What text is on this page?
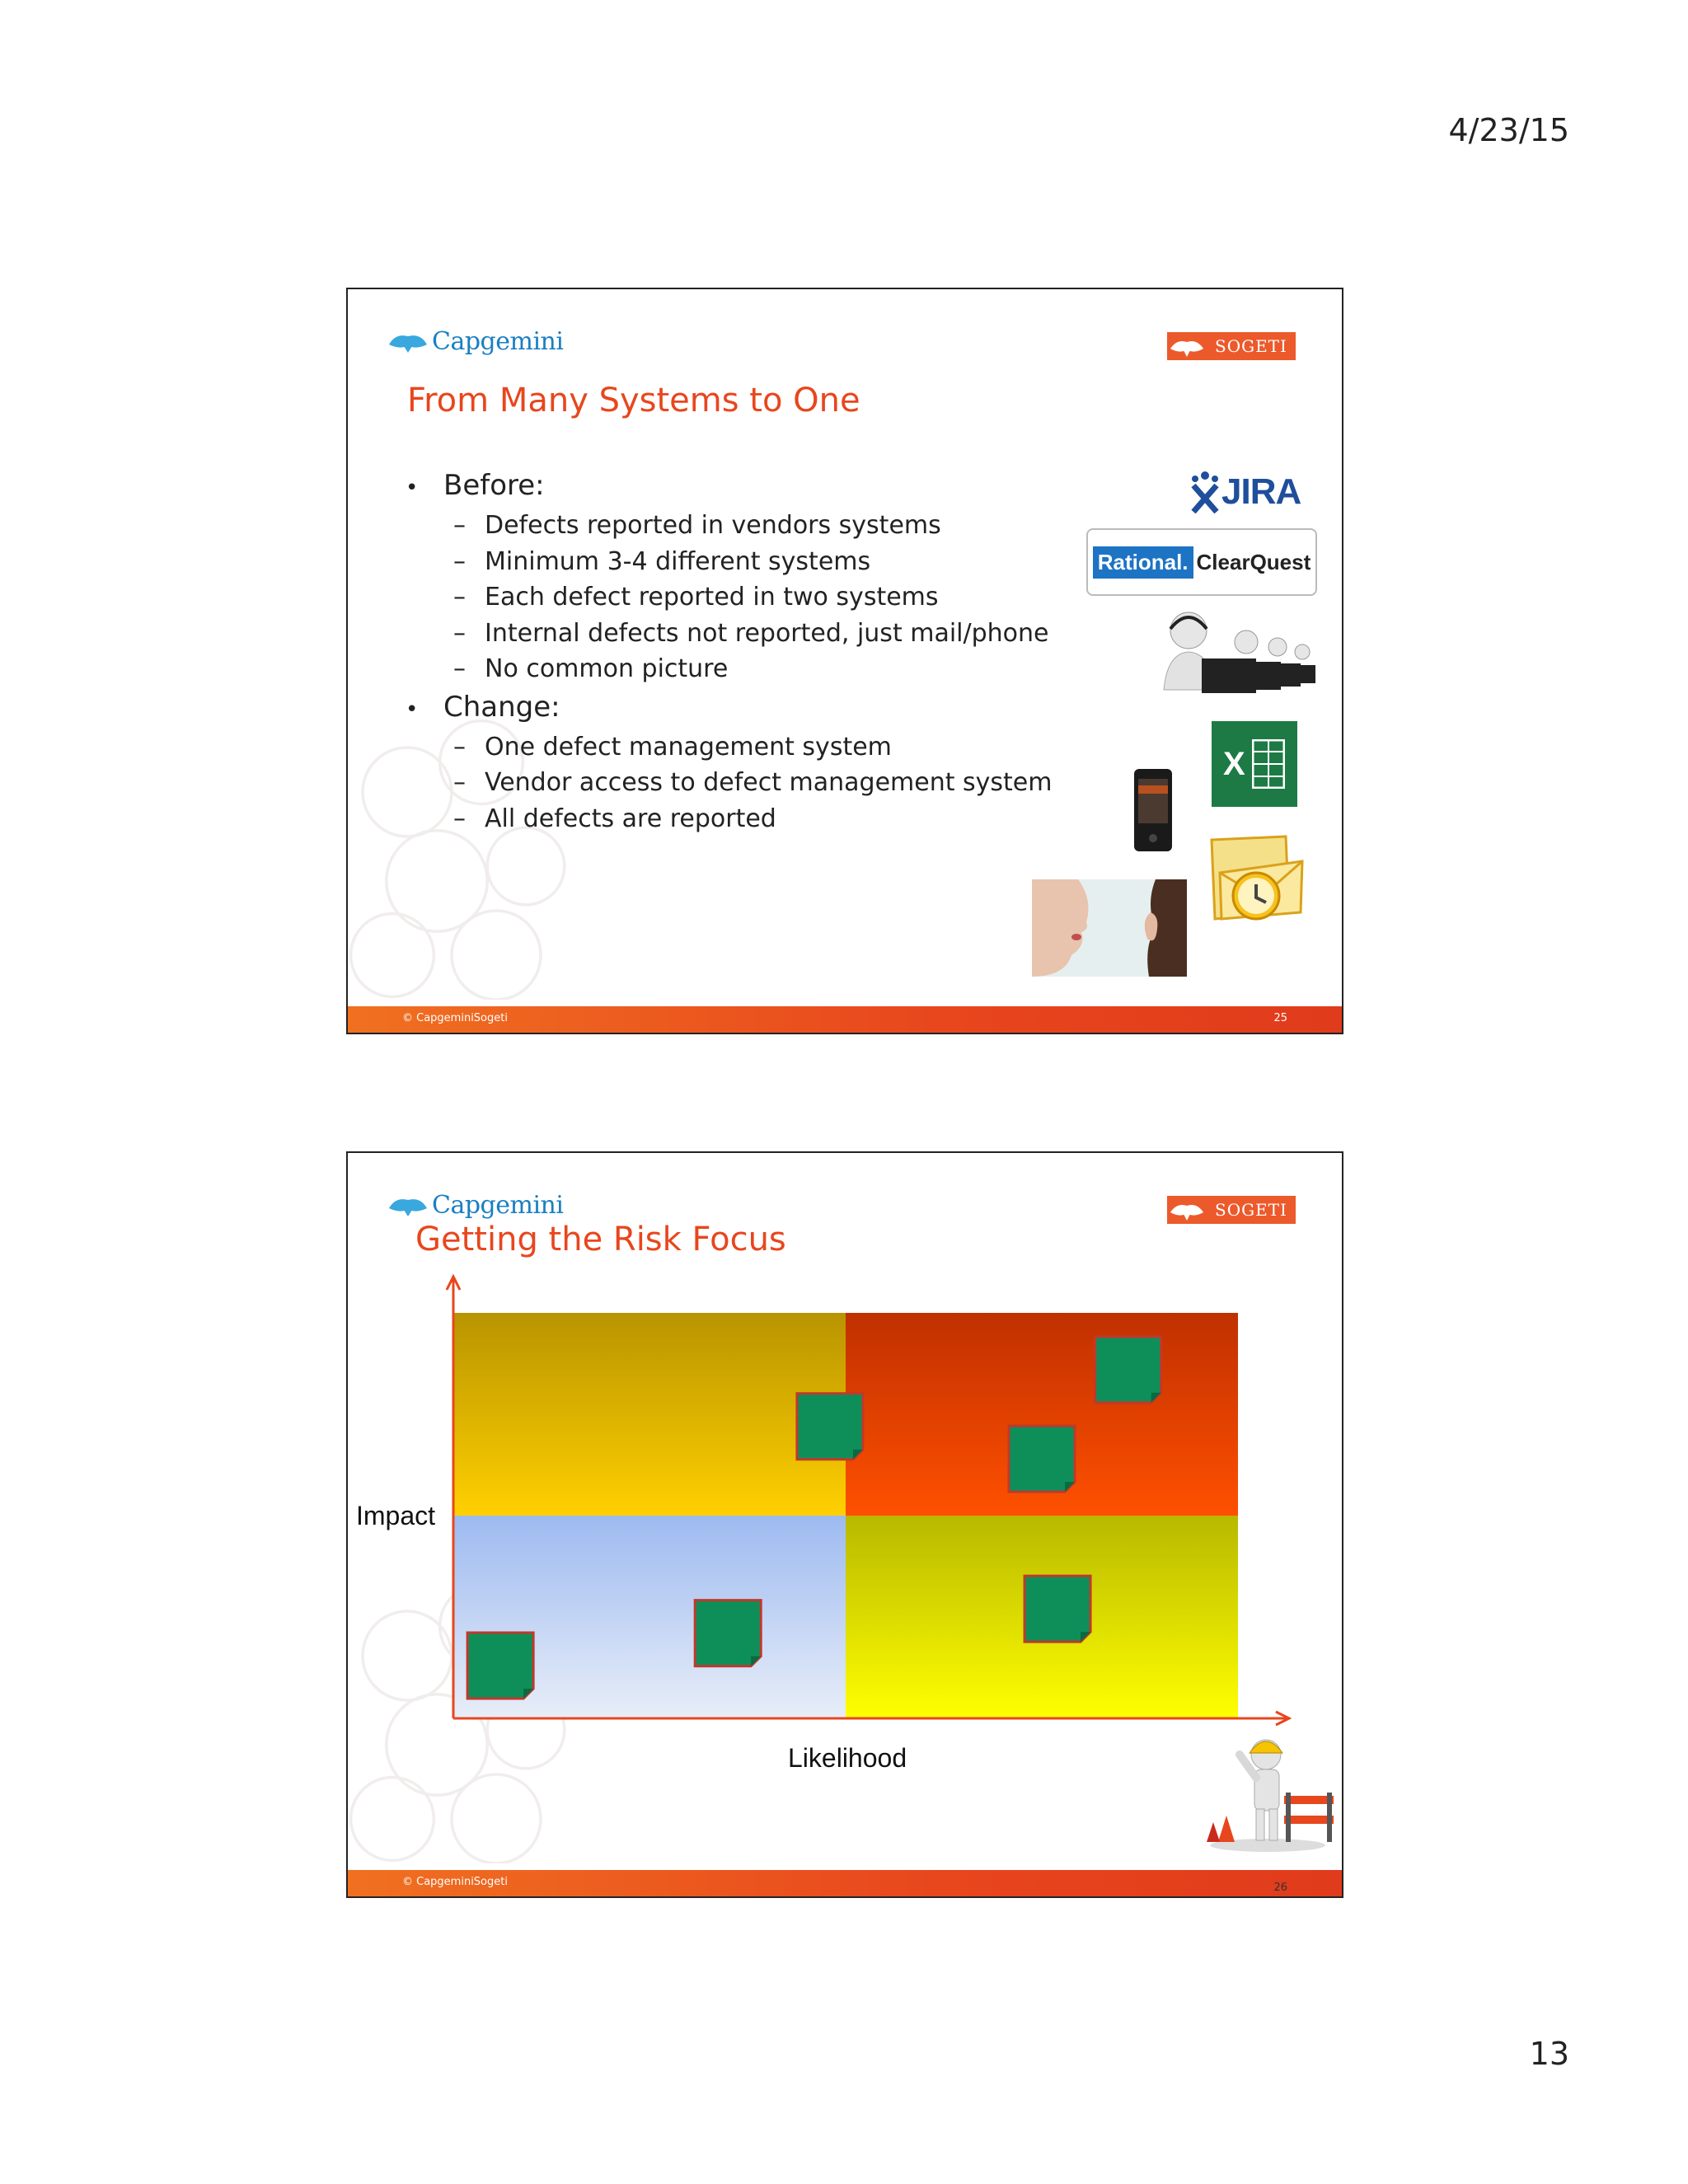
4/23/15
Capgemini	SOGETI
From Many Systems to One
• Before:
– Defects reported in vendors systems
– Minimum 3-4 different systems
– Each defect reported in two systems
– Internal defects not reported, just mail/phone
– No common picture
• Change:
– One defect management system
– Vendor access to defect management system
– All defects are reported
JIRA
Rational. ClearQuest
X
© CapgeminiSogeti	25
Capgemini	SOGETI
Getting the Risk Focus
Impact
Likelihood
© CapgeminiSogeti	26
13
